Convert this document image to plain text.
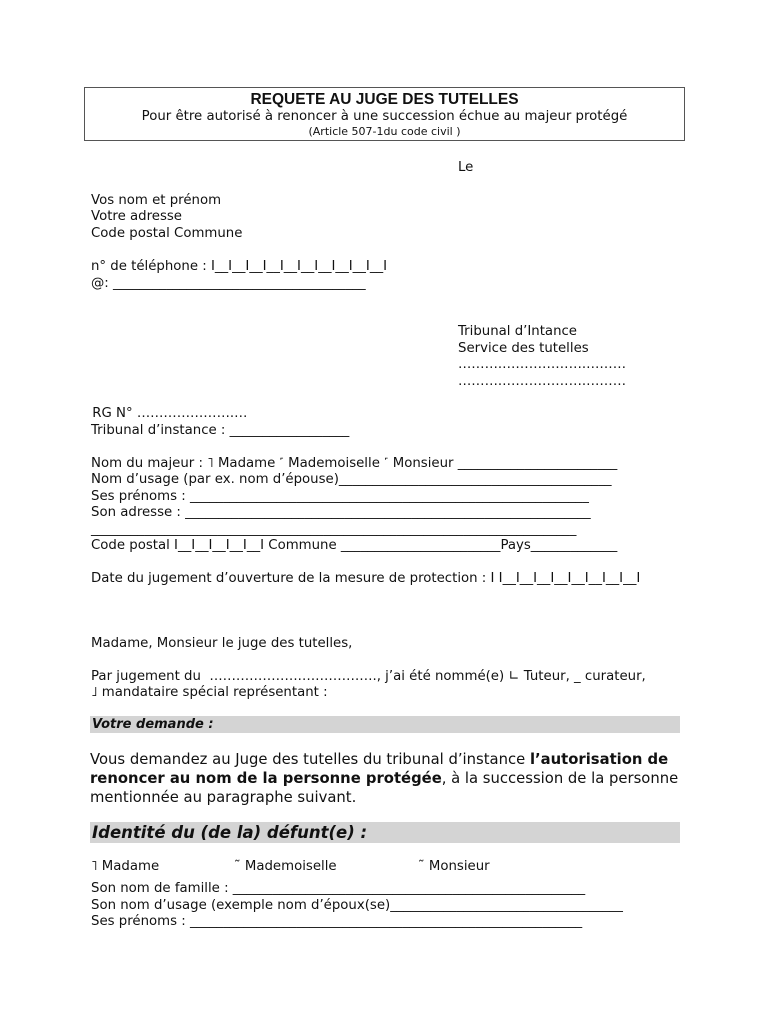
REQUETE AU JUGE DES TUTELLES
Pour être autorisé à renoncer à une succession échue au majeur protégé
(Article 507-1du code civil )
Le
Vos nom et prénom
Votre adresse
Code postal Commune
n° de téléphone : I__I__I__I__I__I__I__I__I__I__I
@: ______________________________________
Tribunal d’Intance
Service des tutelles
……….……………….………
……….……………….………
RG N° ………………….…
Tribunal d’instance : __________________
Nom du majeur : ˥ Madame ˹ Mademoiselle ˹ Monsieur ________________________
Nom d’usage (par ex. nom d’épouse)_________________________________________
Ses prénoms : ____________________________________________________________
Son adresse : _____________________________________________________________
_________________________________________________________________________
Code postal I__I__I__I__I__I Commune ________________________Pays_____________
Date du jugement d’ouverture de la mesure de protection : I I__I__I__I__I__I__I__I__I
Madame, Monsieur le juge des tutelles,
Par jugement du  ……….……….….……….…., j’ai été nommé(e) ∟ Tuteur, _ curateur,
˩ mandataire spécial représentant :
Votre demande :
Vous demandez au Juge des tutelles du tribunal d’instance l’autorisation de renoncer au nom de la personne protégée, à la succession de la personne mentionnée au paragraphe suivant.
Identité du (de la) défunt(e) :
˥ Madame	˜ Mademoiselle	˜ Monsieur
Son nom de famille : _____________________________________________________
Son nom d’usage (exemple nom d’époux(se)___________________________________
Ses prénoms : ___________________________________________________________
